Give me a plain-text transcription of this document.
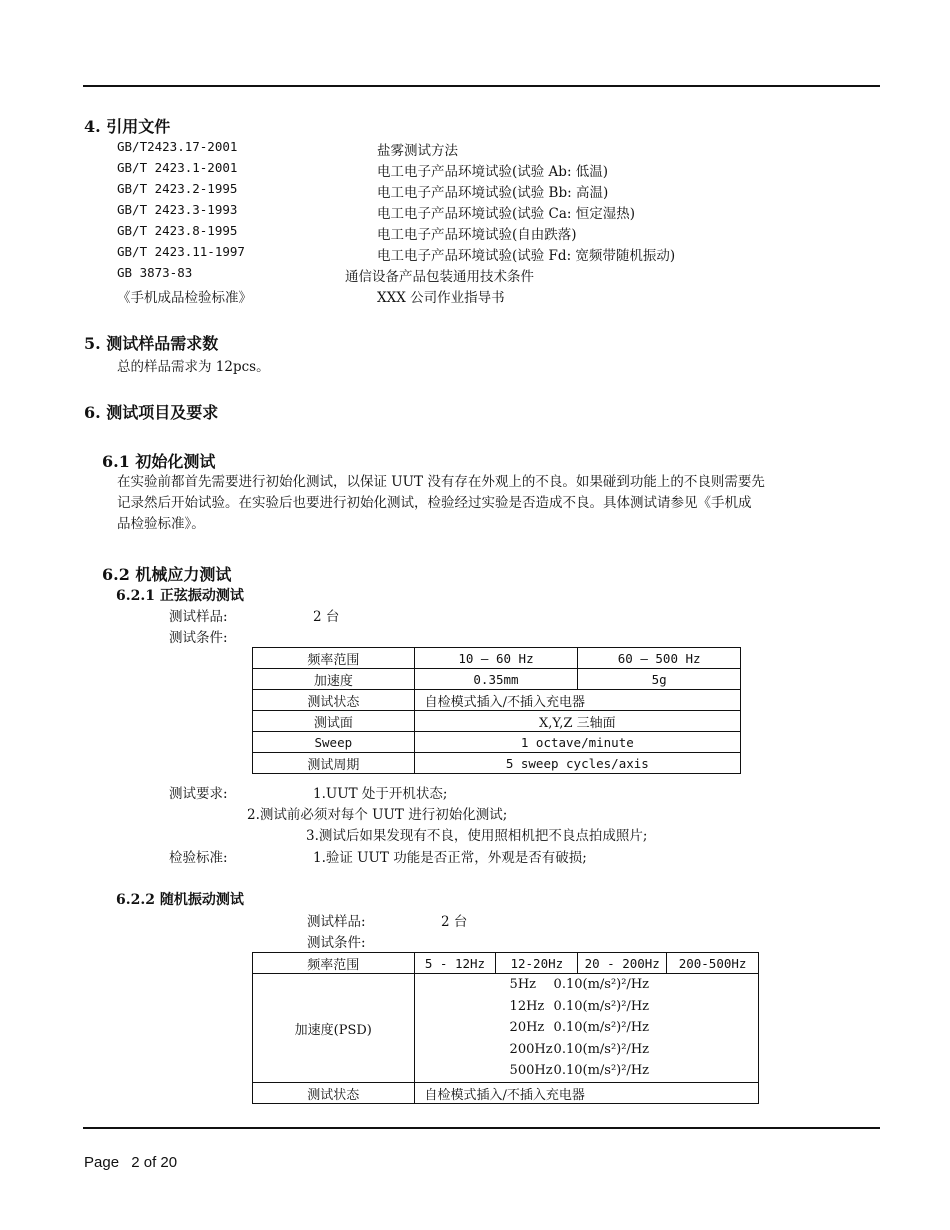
4. 引用文件
GB/T2423.17-2001	盐雾测试方法
GB/T 2423.1-2001	电工电子产品环境试验(试验 Ab: 低温)
GB/T 2423.2-1995	电工电子产品环境试验(试验 Bb: 高温)
GB/T 2423.3-1993	电工电子产品环境试验(试验 Ca: 恒定湿热)
GB/T 2423.8-1995	电工电子产品环境试验(自由跌落)
GB/T 2423.11-1997	电工电子产品环境试验(试验 Fd: 宽频带随机振动)
GB 3873-83	通信设备产品包装通用技术条件
《手机成品检验标准》	XXX 公司作业指导书
5. 测试样品需求数
总的样品需求为 12pcs。
6. 测试项目及要求
6.1 初始化测试
在实验前都首先需要进行初始化测试，以保证 UUT 没有存在外观上的不良。如果碰到功能上的不良则需要先
记录然后开始试验。在实验后也要进行初始化测试，检验经过实验是否造成不良。具体测试请参见《手机成
品检验标准》。
6.2 机械应力测试
6.2.1 正弦振动测试
测试样品:	2 台
测试条件:
频率范围	10 – 60 Hz	60 – 500 Hz
加速度	0.35mm	5g
测试状态	自检模式插入/不插入充电器	
测试面	X,Y,Z 三轴面	
Sweep	1 octave/minute	
测试周期	5 sweep cycles/axis	
测试要求:	1.UUT 处于开机状态;
2.测试前必须对每个 UUT 进行初始化测试;
3.测试后如果发现有不良，使用照相机把不良点拍成照片;
检验标准:	1.验证 UUT 功能是否正常，外观是否有破损;
6.2.2 随机振动测试
测试样品:	2 台
测试条件:
频率范围	5 - 12Hz	12-20Hz	20 - 200Hz	200-500Hz
加速度(PSD)	5Hz 0.10(m/s²)²/Hz
12Hz 0.10(m/s²)²/Hz
20Hz 0.10(m/s²)²/Hz
200Hz0.10(m/s²)²/Hz
500Hz0.10(m/s²)²/Hz			

测试状态	自检模式插入/不插入充电器			
Page 2 of 20
